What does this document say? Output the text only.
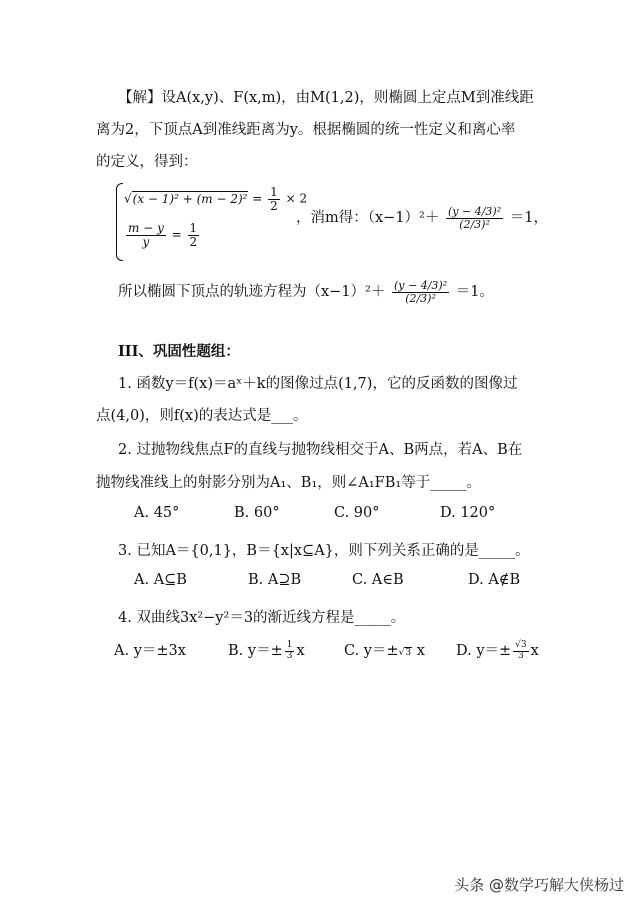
【解】设A(x,y)、F(x,m)，由M(1,2)，则椭圆上定点M到准线距
离为2，下顶点A到准线距离为y。根据椭圆的统一性定义和离心率
的定义，得到：
$√(x - 1)^2 + (m - 2)^2 = \frac{1}{2} \times 2$
$\frac{m - y}{y} = \frac{1}{2}$
，消m得：$(x-1)^2+ \frac{\text{(y − 4/3)²}}{\text{(2/3)²}} =1$，
所以椭圆下顶点的轨迹方程为$(x-1)^2+ \frac{\text{(y − 4/3)²}}{\text{(2/3)²}} =1$。
III、巩固性题组：
1. 函数y＝f(x)＝aˣ＋k的图像过点(1,7)，它的反函数的图像过
点(4,0)，则f(x)的表达式是___。
2. 过抛物线焦点F的直线与抛物线相交于A、B两点，若A、B在
抛物线准线上的射影分别为A₁、B₁，则∠A₁FB₁等于_____。
A. 45°	B. 60°	C. 90°	D. 120°
3. 已知A＝{0,1}，B＝{x|x⊆A}，则下列关系正确的是_____。
A. A⊆B	B. A⊇B	C. A∈B	D. A∉B
4. 双曲线3x²−y²＝3的渐近线方程是_____。
A. y＝±3x	B. $y=\pm \frac{1}{3}$ x	C. y＝±√3 x D. $y=\pm \frac{√3}{3}$ x
头条 @数学巧解大侠杨过
